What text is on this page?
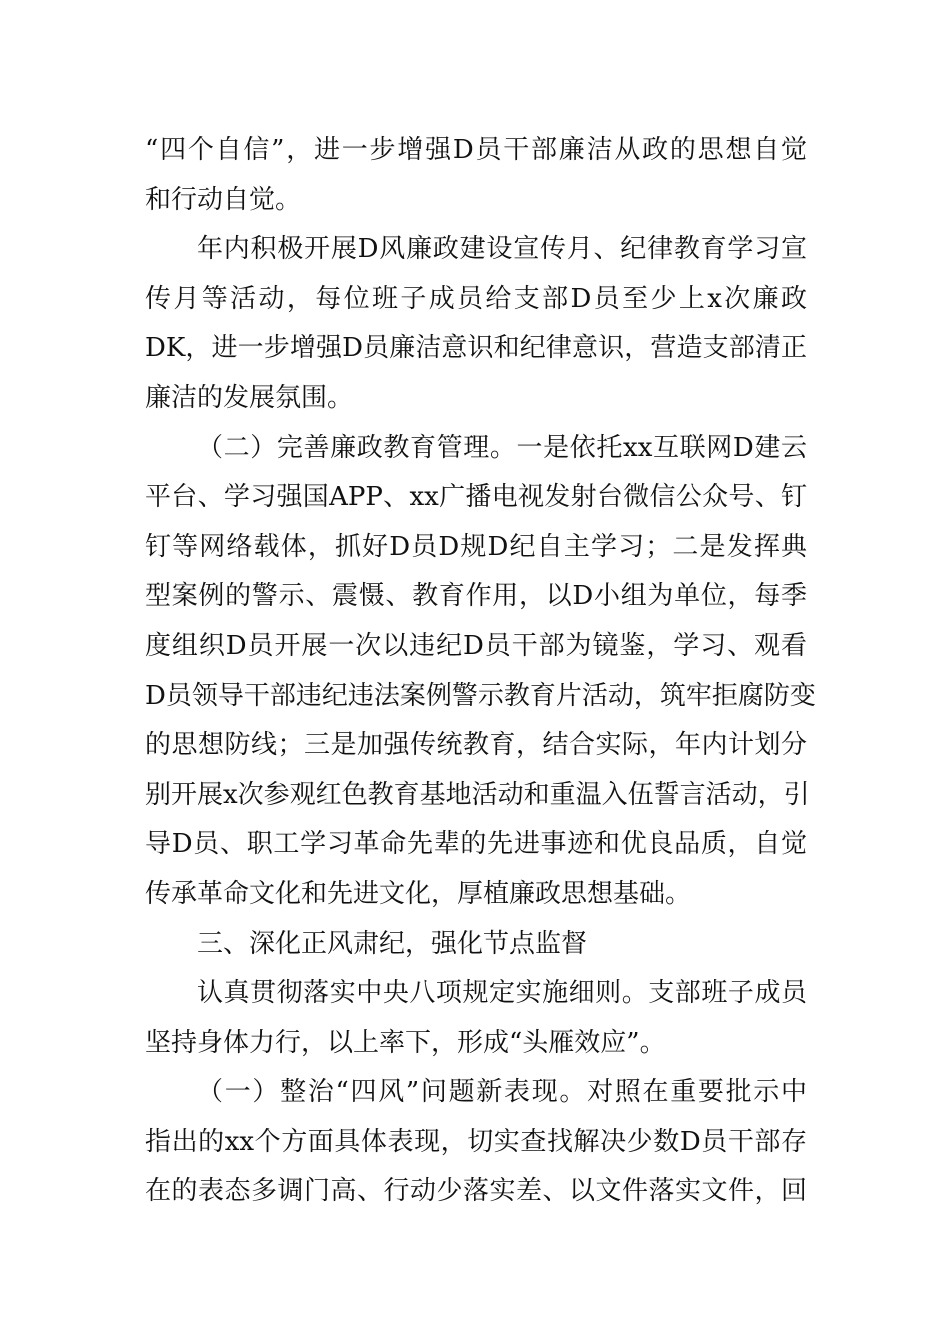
“四个自信”，进一步增强D员干部廉洁从政的思想自觉
和行动自觉。
年内积极开展D风廉政建设宣传月、纪律教育学习宣
传月等活动，每位班子成员给支部D员至少上x次廉政
DK，进一步增强D员廉洁意识和纪律意识，营造支部清正
廉洁的发展氛围。
（二）完善廉政教育管理。一是依托xx互联网D建云
平台、学习强国APP、xx广播电视发射台微信公众号、钉
钉等网络载体，抓好D员D规D纪自主学习；二是发挥典
型案例的警示、震慑、教育作用，以D小组为单位，每季
度组织D员开展一次以违纪D员干部为镜鉴，学习、观看
D员领导干部违纪违法案例警示教育片活动，筑牢拒腐防变
的思想防线；三是加强传统教育，结合实际，年内计划分
别开展x次参观红色教育基地活动和重温入伍誓言活动，引
导D员、职工学习革命先辈的先进事迹和优良品质，自觉
传承革命文化和先进文化，厚植廉政思想基础。
三、深化正风肃纪，强化节点监督
认真贯彻落实中央八项规定实施细则。支部班子成员
坚持身体力行，以上率下，形成“头雁效应”。
（一）整治“四风”问题新表现。对照在重要批示中
指出的xx个方面具体表现，切实查找解决少数D员干部存
在的表态多调门高、行动少落实差、以文件落实文件，回
